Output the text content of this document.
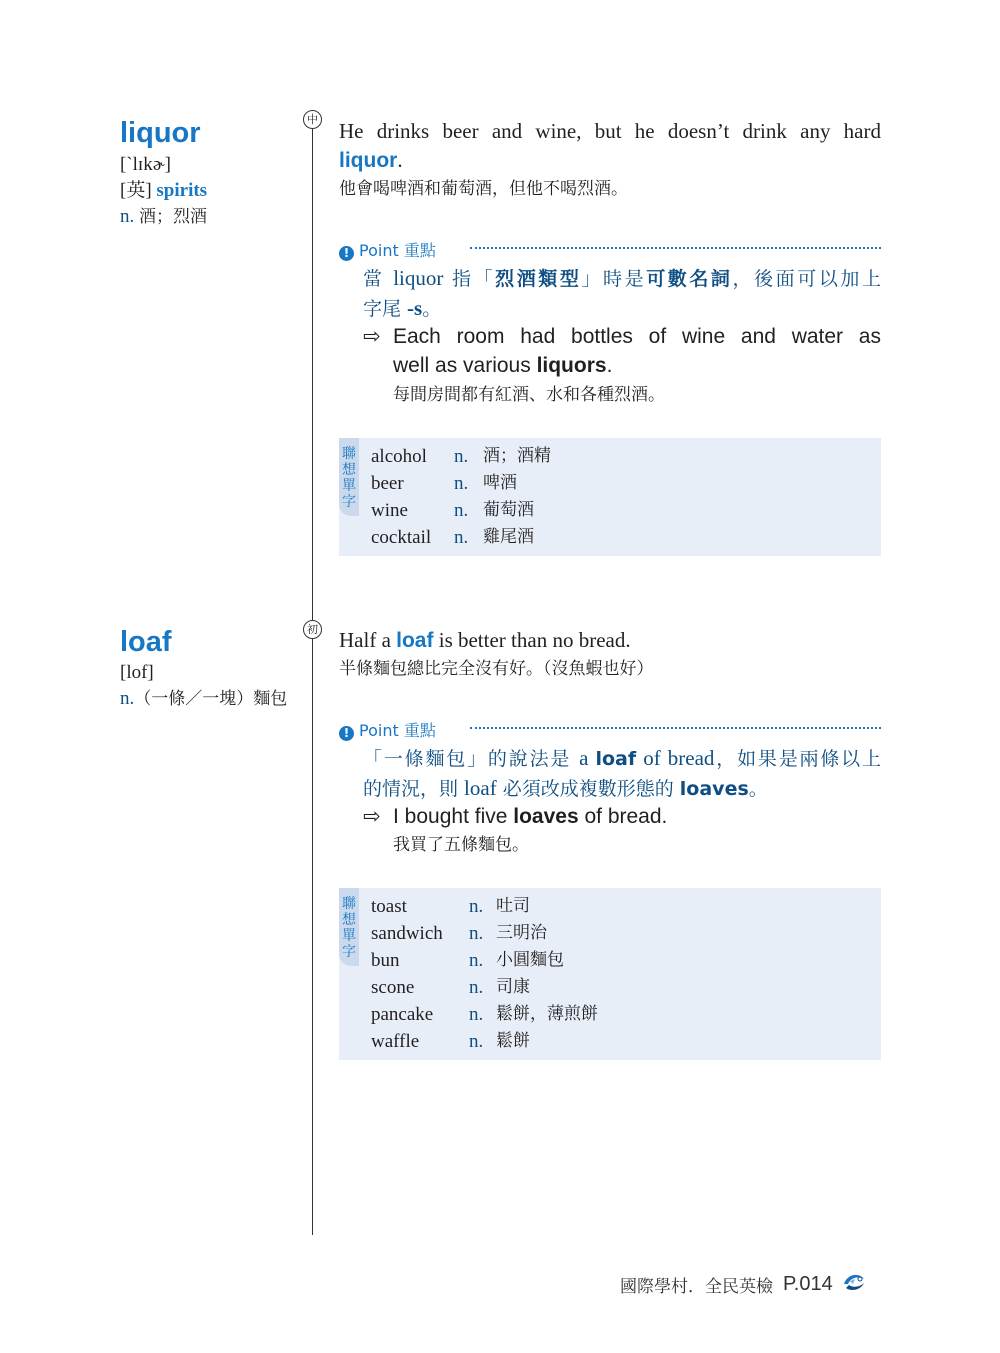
liquor
[`lɪkɚ]
[英] spirits
n. 酒；烈酒
中 He drinks beer and wine, but he doesn’t drink any hard
liquor.
他會喝啤酒和葡萄酒，但他不喝烈酒。
! Point 重點
當 liquor 指「烈酒類型」時是可數名詞，後面可以加上
字尾 -s。
⇨ Each room had bottles of wine and water as
well as various liquors.
每間房間都有紅酒、水和各種烈酒。
聯想單字
alcohol n. 酒；酒精
beer	n. 啤酒
wine n. 葡萄酒
cocktail n. 雞尾酒
loaf
[lof]
n.（一條／一塊）麵包
初 Half a loaf is better than no bread.
半條麵包總比完全沒有好。（沒魚蝦也好）
! Point 重點
「一條麵包」的說法是 a loaf of bread，如果是兩條以上
的情況，則 loaf 必須改成複數形態的 loaves。
⇨ I bought five loaves of bread.
我買了五條麵包。
聯想單字
toast	n. 吐司
sandwich n. 三明治
bun	n. 小圓麵包
scone	n. 司康
pancake n. 鬆餅，薄煎餅
waffle	n. 鬆餅
國際學村．全民英檢 P.014
